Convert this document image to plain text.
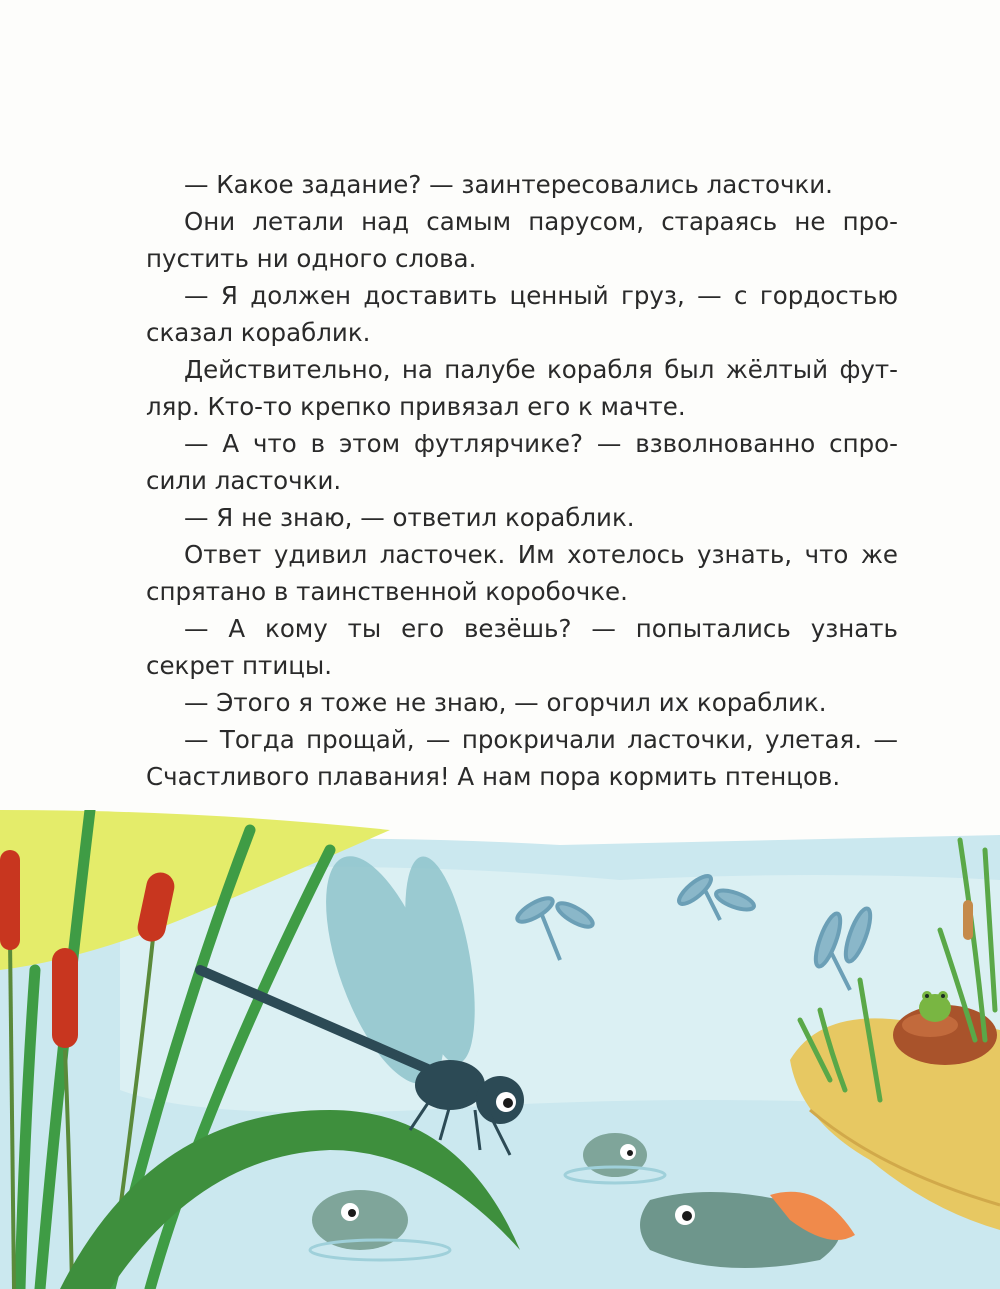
— Какое задание? — заинтересовались ласточки.
Они летали над самым парусом, стараясь не про-
пустить ни одного слова.
— Я должен доставить ценный груз, — с гордостью
сказал кораблик.
Действительно, на палубе корабля был жёлтый фут-
ляр. Кто-то крепко привязал его к мачте.
— А что в этом футлярчике? — взволнованно спро-
сили ласточки.
— Я не знаю, — ответил кораблик.
Ответ удивил ласточек. Им хотелось узнать, что же
спрятано в таинственной коробочке.
— А кому ты его везёшь? — попытались узнать
секрет птицы.
— Этого я тоже не знаю, — огорчил их кораблик.
— Тогда прощай, — прокричали ласточки, улетая. —
Счастливого плавания! А нам пора кормить птенцов.
